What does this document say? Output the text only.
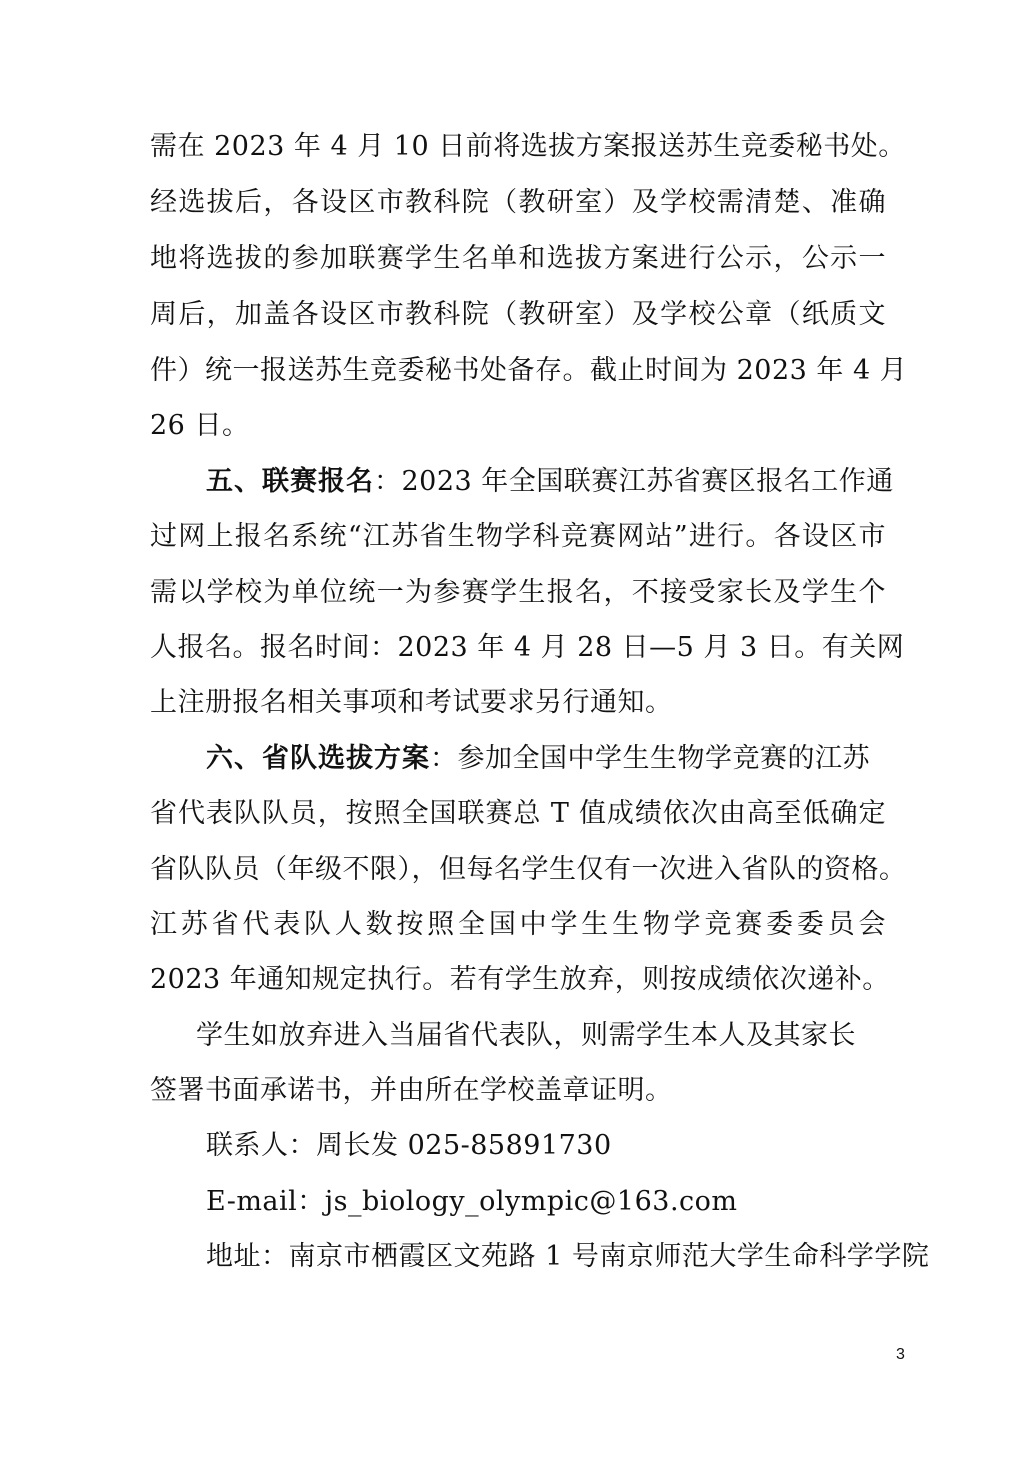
需在 2023 年 4 月 10 日前将选拔方案报送苏生竞委秘书处。
经选拔后，各设区市教科院（教研室）及学校需清楚、准确
地将选拔的参加联赛学生名单和选拔方案进行公示，公示一
周后，加盖各设区市教科院（教研室）及学校公章（纸质文
件）统一报送苏生竞委秘书处备存。截止时间为 2023 年 4 月
26 日。
五、联赛报名：2023 年全国联赛江苏省赛区报名工作通
过网上报名系统“江苏省生物学科竞赛网站”进行。各设区市
需以学校为单位统一为参赛学生报名，不接受家长及学生个
人报名。报名时间：2023 年 4 月 28 日—5 月 3 日。有关网
上注册报名相关事项和考试要求另行通知。
六、省队选拔方案：参加全国中学生生物学竞赛的江苏
省代表队队员，按照全国联赛总 T 值成绩依次由高至低确定
省队队员（年级不限），但每名学生仅有一次进入省队的资格。
江苏省代表队人数按照全国中学生生物学竞赛委委员会
2023 年通知规定执行。若有学生放弃，则按成绩依次递补。
学生如放弃进入当届省代表队，则需学生本人及其家长
签署书面承诺书，并由所在学校盖章证明。
联系人：周长发 025-85891730
E-mail：js_biology_olympic@163.com
地址：南京市栖霞区文苑路 1 号南京师范大学生命科学学院
3
